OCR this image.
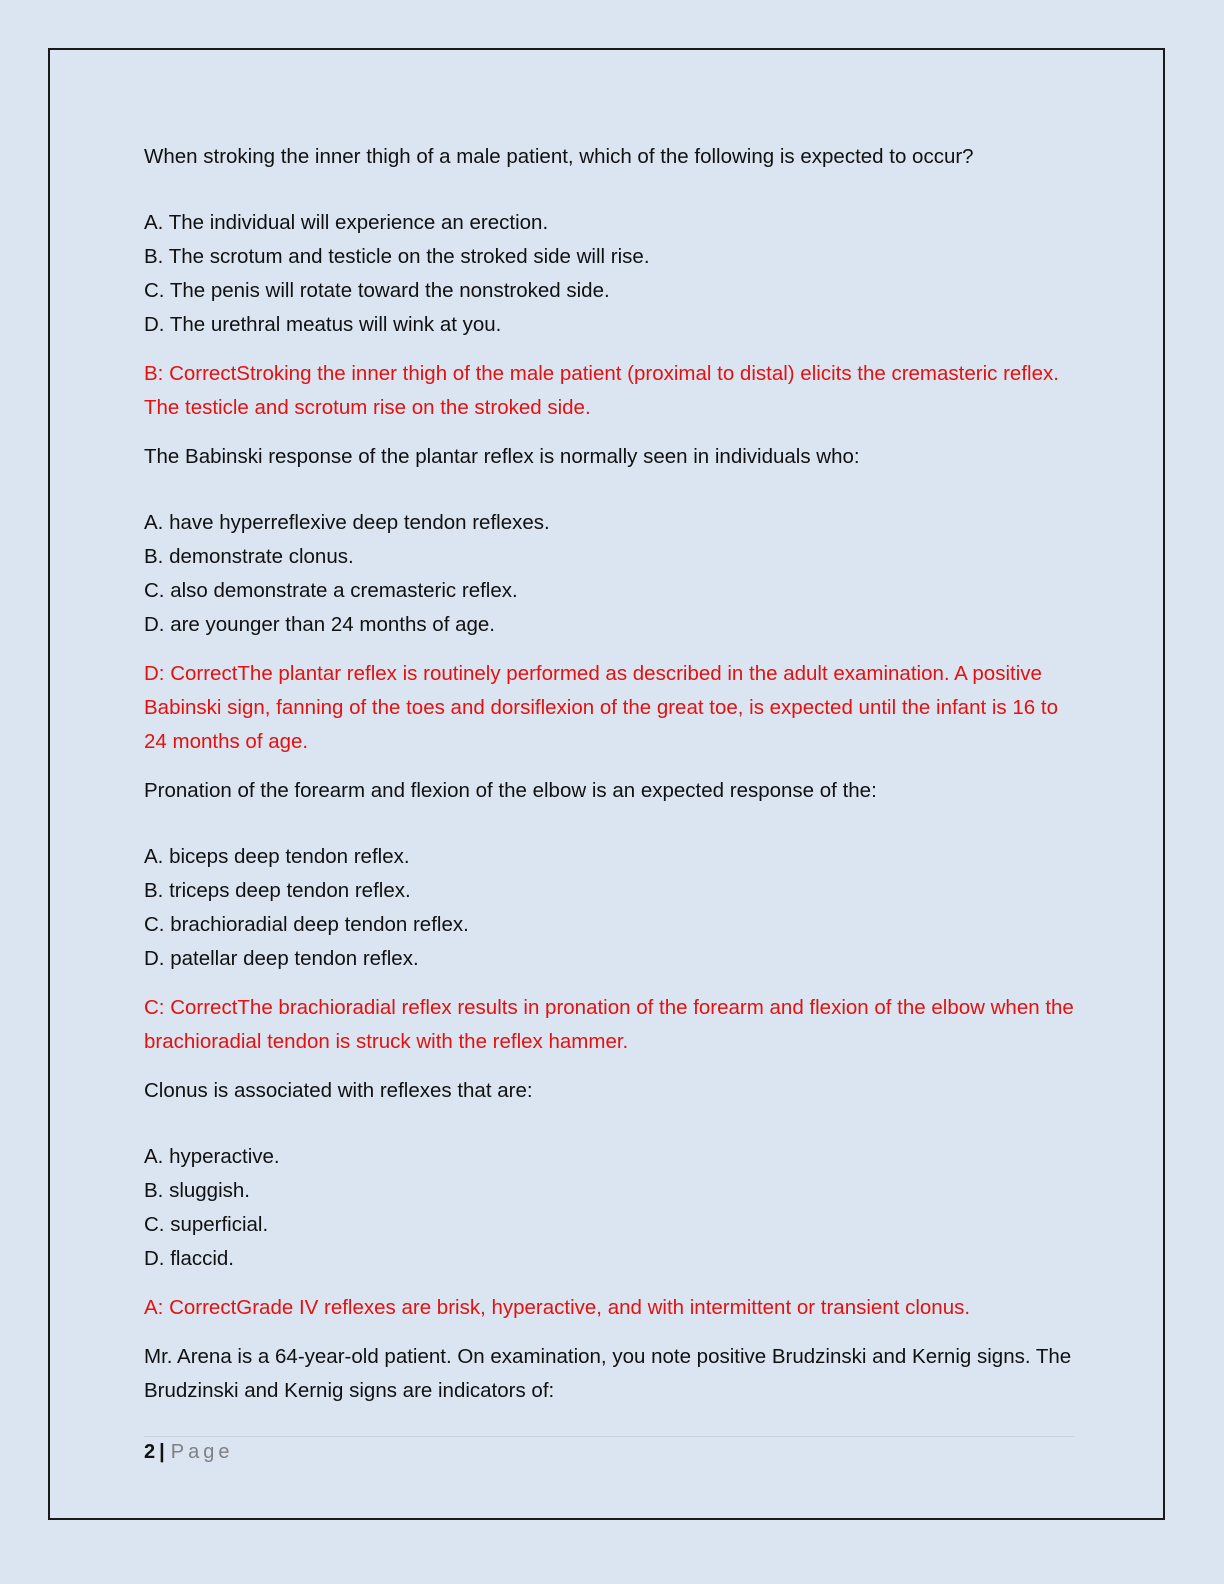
When stroking the inner thigh of a male patient, which of the following is expected to occur?

A. The individual will experience an erection.
B. The scrotum and testicle on the stroked side will rise.
C. The penis will rotate toward the nonstroked side.
D. The urethral meatus will wink at you.

B: CorrectStroking the inner thigh of the male patient (proximal to distal) elicits the cremasteric reflex. The testicle and scrotum rise on the stroked side.

The Babinski response of the plantar reflex is normally seen in individuals who:

A. have hyperreflexive deep tendon reflexes.
B. demonstrate clonus.
C. also demonstrate a cremasteric reflex.
D. are younger than 24 months of age.

D: CorrectThe plantar reflex is routinely performed as described in the adult examination. A positive Babinski sign, fanning of the toes and dorsiflexion of the great toe, is expected until the infant is 16 to 24 months of age.

Pronation of the forearm and flexion of the elbow is an expected response of the:

A. biceps deep tendon reflex.
B. triceps deep tendon reflex.
C. brachioradial deep tendon reflex.
D. patellar deep tendon reflex.

C: CorrectThe brachioradial reflex results in pronation of the forearm and flexion of the elbow when the brachioradial tendon is struck with the reflex hammer.

Clonus is associated with reflexes that are:

A. hyperactive.
B. sluggish.
C. superficial.
D. flaccid.

A: CorrectGrade IV reflexes are brisk, hyperactive, and with intermittent or transient clonus.

Mr. Arena is a 64-year-old patient. On examination, you note positive Brudzinski and Kernig signs. The Brudzinski and Kernig signs are indicators of:

2 | Page
